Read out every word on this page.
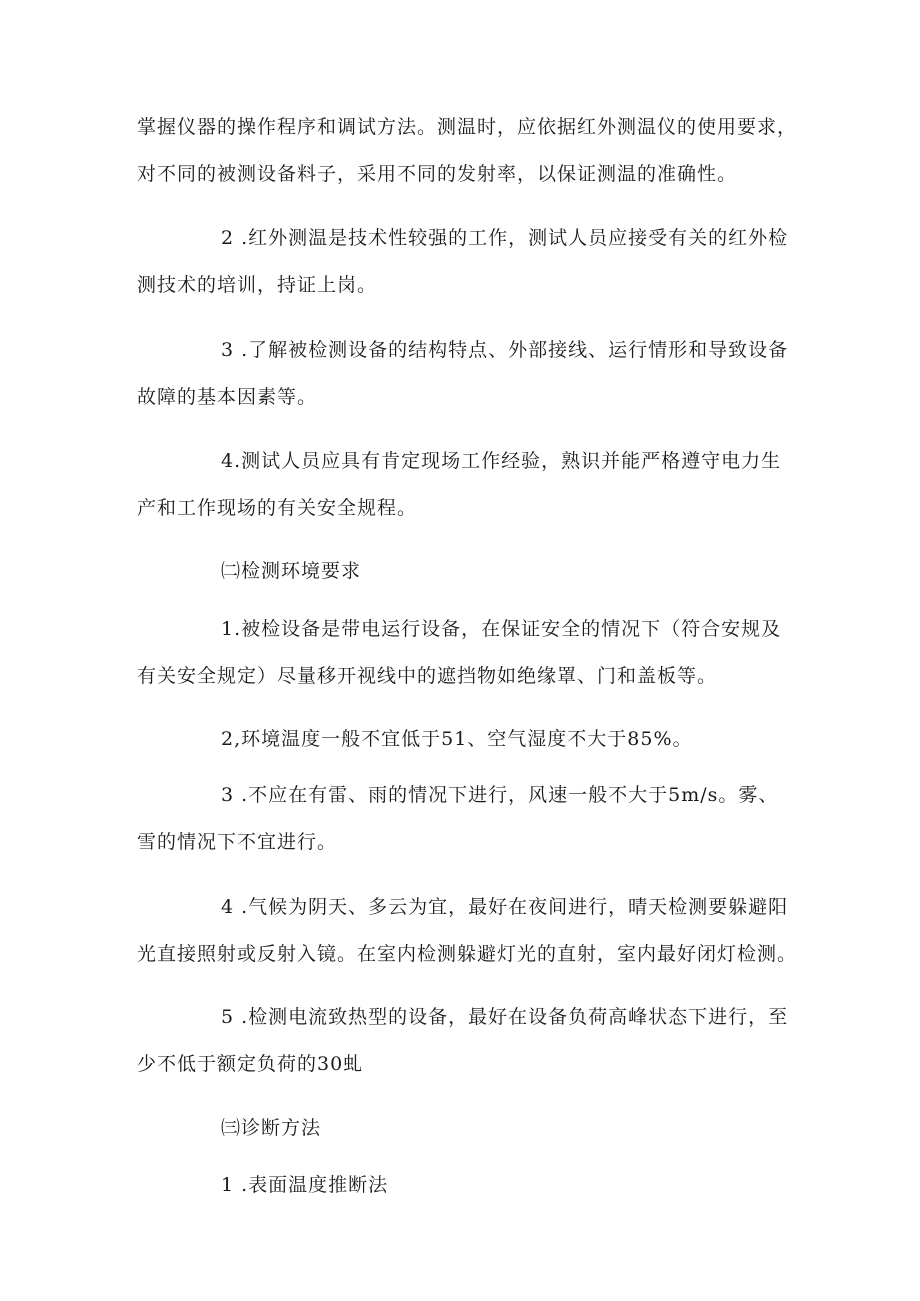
掌握仪器的操作程序和调试方法。测温时，应依据红外测温仪的使用要求，
对不同的被测设备料子，采用不同的发射率，以保证测温的准确性。
2 .红外测温是技术性较强的工作，测试人员应接受有关的红外检
测技术的培训，持证上岗。
3 .了解被检测设备的结构特点、外部接线、运行情形和导致设备
故障的基本因素等。
4.测试人员应具有肯定现场工作经验，熟识并能严格遵守电力生
产和工作现场的有关安全规程。
㈡检测环境要求
1.被检设备是带电运行设备，在保证安全的情况下（符合安规及
有关安全规定）尽量移开视线中的遮挡物如绝缘罩、门和盖板等。
2,环境温度一般不宜低于51、空气湿度不大于85%。
3 .不应在有雷、雨的情况下进行，风速一般不大于5m/s。雾、
雪的情况下不宜进行。
4 .气候为阴天、多云为宜，最好在夜间进行，晴天检测要躲避阳
光直接照射或反射入镜。在室内检测躲避灯光的直射，室内最好闭灯检测。
5 .检测电流致热型的设备，最好在设备负荷高峰状态下进行，至
少不低于额定负荷的30虬
㈢诊断方法
1 .表面温度推断法
